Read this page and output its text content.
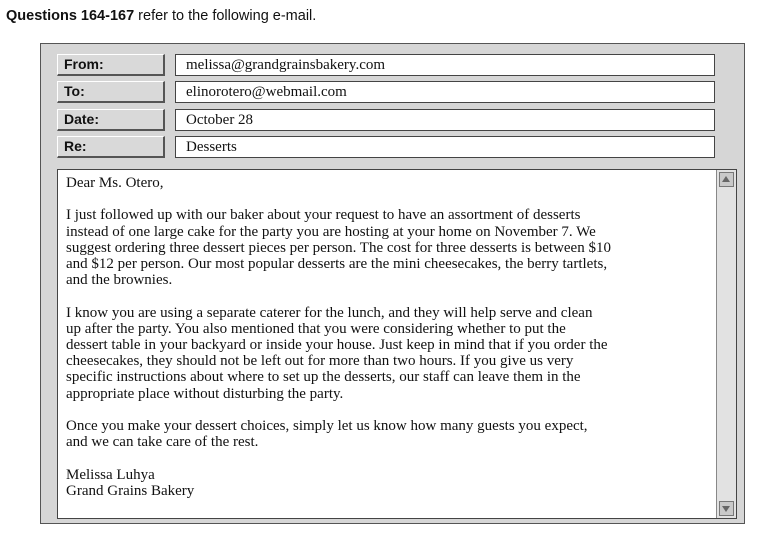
Questions 164-167 refer to the following e-mail.
From:	melissa@grandgrainsbakery.com
To:	elinorotero@webmail.com
Date:	October 28
Re:	Desserts

Dear Ms. Otero,

I just followed up with our baker about your request to have an assortment of desserts
instead of one large cake for the party you are hosting at your home on November 7. We
suggest ordering three dessert pieces per person. The cost for three desserts is between $10
and $12 per person. Our most popular desserts are the mini cheesecakes, the berry tartlets,
and the brownies.

I know you are using a separate caterer for the lunch, and they will help serve and clean
up after the party. You also mentioned that you were considering whether to put the
dessert table in your backyard or inside your house. Just keep in mind that if you order the
cheesecakes, they should not be left out for more than two hours. If you give us very
specific instructions about where to set up the desserts, our staff can leave them in the
appropriate place without disturbing the party.

Once you make your dessert choices, simply let us know how many guests you expect,
and we can take care of the rest.

Melissa Luhya
Grand Grains Bakery
